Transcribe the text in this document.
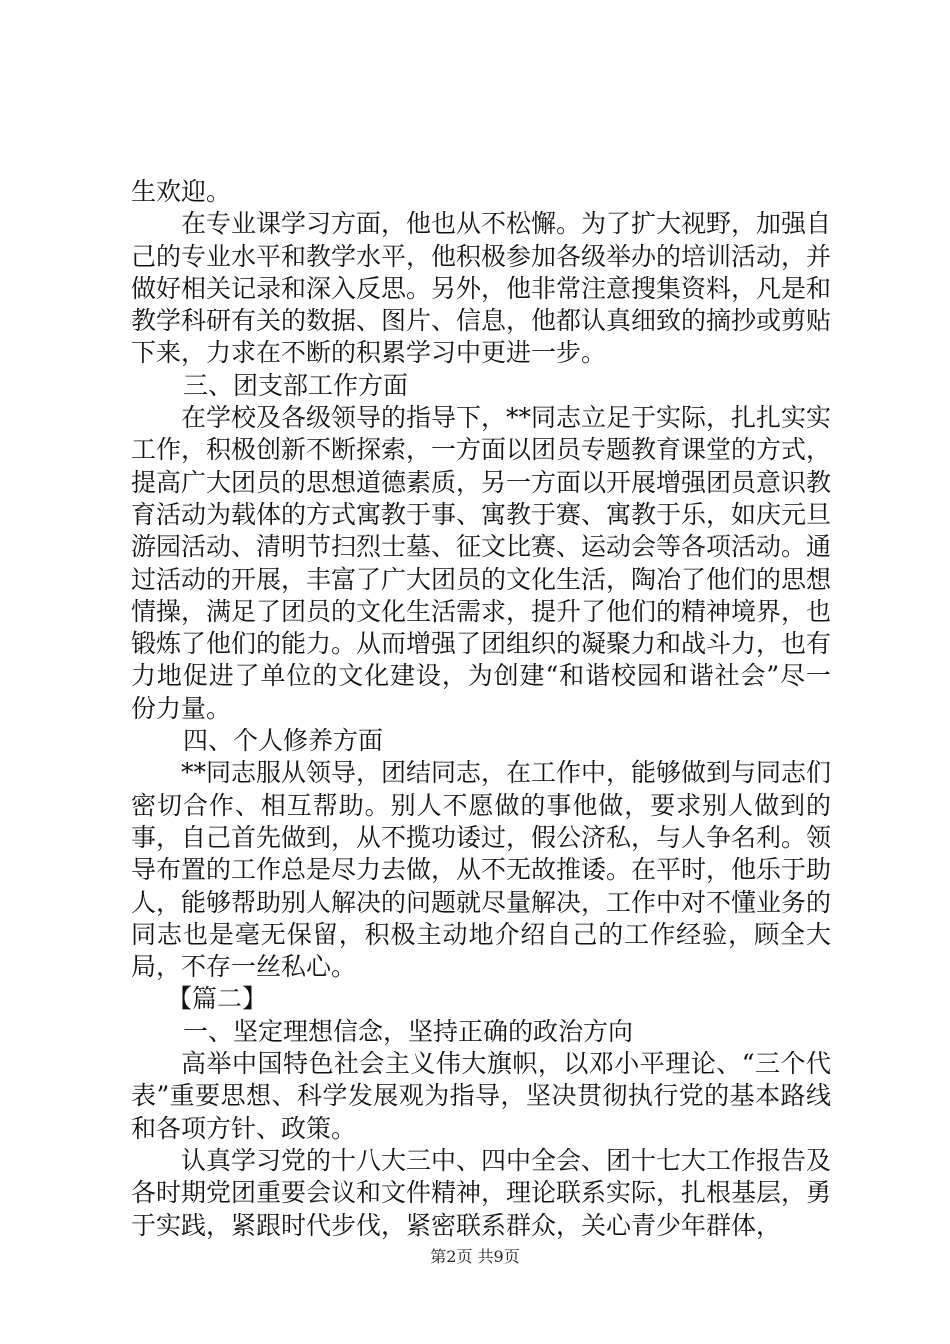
生欢迎。

在专业课学习方面，他也从不松懈。为了扩大视野，加强自己的专业水平和教学水平，他积极参加各级举办的培训活动，并做好相关记录和深入反思。另外，他非常注意搜集资料，凡是和教学科研有关的数据、图片、信息，他都认真细致的摘抄或剪贴下来，力求在不断的积累学习中更进一步。

三、团支部工作方面

在学校及各级领导的指导下，**同志立足于实际，扎扎实实工作，积极创新不断探索，一方面以团员专题教育课堂的方式，提高广大团员的思想道德素质，另一方面以开展增强团员意识教育活动为载体的方式寓教于事、寓教于赛、寓教于乐，如庆元旦游园活动、清明节扫烈士墓、征文比赛、运动会等各项活动。通过活动的开展，丰富了广大团员的文化生活，陶冶了他们的思想情操，满足了团员的文化生活需求，提升了他们的精神境界，也锻炼了他们的能力。从而增强了团组织的凝聚力和战斗力，也有力地促进了单位的文化建设，为创建“和谐校园和谐社会”尽一份力量。

四、个人修养方面

**同志服从领导，团结同志，在工作中，能够做到与同志们密切合作、相互帮助。别人不愿做的事他做，要求别人做到的事，自己首先做到，从不揽功诿过，假公济私，与人争名利。领导布置的工作总是尽力去做，从不无故推诿。在平时，他乐于助人，能够帮助别人解决的问题就尽量解决，工作中对不懂业务的同志也是毫无保留，积极主动地介绍自己的工作经验，顾全大局，不存一丝私心。

【篇二】

一、坚定理想信念，坚持正确的政治方向

高举中国特色社会主义伟大旗帜，以邓小平理论、“三个代表”重要思想、科学发展观为指导，坚决贯彻执行党的基本路线和各项方针、政策。

认真学习党的十八大三中、四中全会、团十七大工作报告及各时期党团重要会议和文件精神，理论联系实际，扎根基层，勇于实践，紧跟时代步伐，紧密联系群众，关心青少年群体，

第2页 共9页
